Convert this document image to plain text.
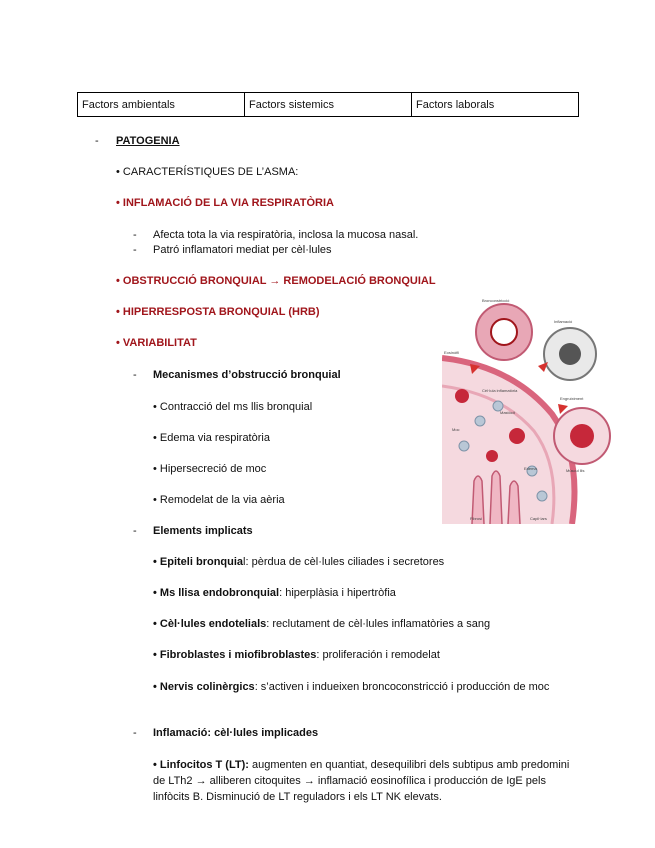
Factors ambientals	Factors sistemics	Factors laborals
- PATOGENIA
• CARACTERÍSTIQUES DE L’ASMA:
• INFLAMACIÓ DE LA VIA RESPIRATÒRIA
- Afecta tota la via respiratòria, inclosa la mucosa nasal.
- Patró inflamatori mediat per cèl·lules
• OBSTRUCCIÓ BRONQUIAL → REMODELACIÓ BRONQUIAL
• HIPERRESPOSTA BRONQUIAL (HRB)
• VARIABILITAT
- Mecanismes d’obstrucció bronquial
• Contracció del ms llis bronquial
• Edema via respiratòria
• Hipersecreció de moc
• Remodelat de la via aèria
- Elements implicats
• Epiteli bronquial: pèrdua de cèl·lules ciliades i secretores
• Ms llisa endobronquial: hiperplàsia i hipertròfia
• Cèl·lules endotelials: reclutament de cèl·lules inflamatòries a sang
• Fibroblastes i miofibroblastes: proliferación i remodelat
• Nervis colinèrgics: s’activen i indueixen broncoconstricció i producción de moc
- Inflamació: cèl·lules implicades
• Linfocitos T (LT): augmenten en quantiat, desequilibri dels subtipus amb predomini de LTh2 → alliberen citoquites → inflamació eosinofílica i producción de IgE pels linfòcits B. Disminució de LT reguladors i els LT NK elevats.
Bronconstricció
Inflamació
Eosinòfil
Cèl·lula inflamatòria
Mastòcit
Moc
Edema
Fibrosi	Capil·lars
Engruiximent
Múscul llis
